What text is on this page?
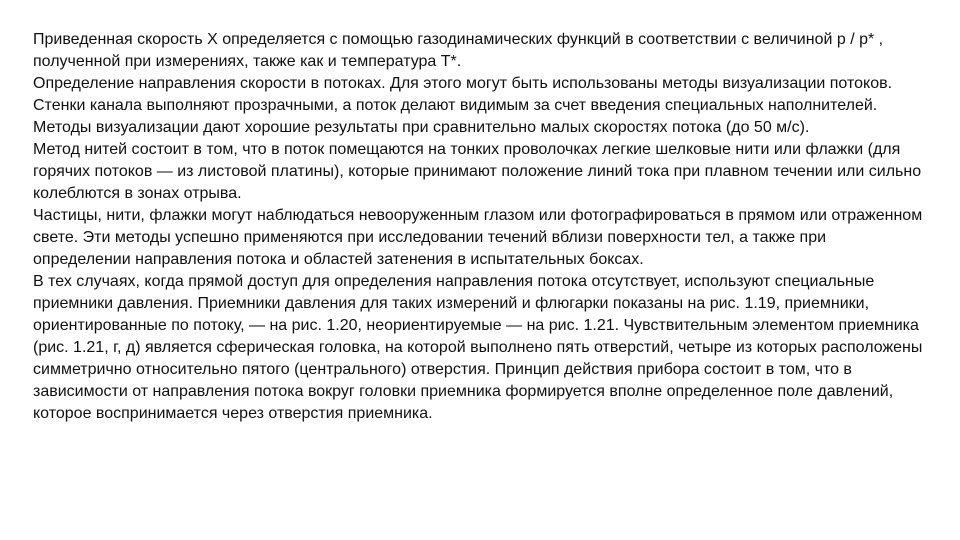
Приведенная скорость X определяется с помощью газодинамических функций в соответствии с величиной p / p* , полученной при измерениях, также как и температура T*.

Определение направления скорости в потоках. Для этого могут быть использованы методы визуализации потоков. Стенки канала выполняют прозрачными, а поток делают видимым за счет введения специальных наполнителей. Методы визуализации дают хорошие результаты при сравнительно малых скоростях потока (до 50 м/с).

Метод нитей состоит в том, что в поток помещаются на тонких проволочках легкие шелковые нити или флажки (для горячих потоков — из листовой платины), которые принимают положение линий тока при плавном течении или сильно колеблются в зонах отрыва.

Частицы, нити, флажки могут наблюдаться невооруженным глазом или фотографироваться в прямом или отраженном свете. Эти методы успешно применяются при исследовании течений вблизи поверхности тел, а также при определении направления потока и областей затенения в испытательных боксах.

В тех случаях, когда прямой доступ для определения направления потока отсутствует, используют специальные приемники давления. Приемники давления для таких измерений и флюгарки показаны на рис. 1.19, приемники, ориентированные по потоку, — на рис. 1.20, неориентируемые — на рис. 1.21. Чувствительным элементом приемника (рис. 1.21, г, д) является сферическая головка, на которой выполнено пять отверстий, четыре из которых расположены симметрично относительно пятого (центрального) отверстия. Принцип действия прибора состоит в том, что в зависимости от направления потока вокруг головки приемника формируется вполне определенное поле давлений, которое воспринимается через отверстия приемника.
